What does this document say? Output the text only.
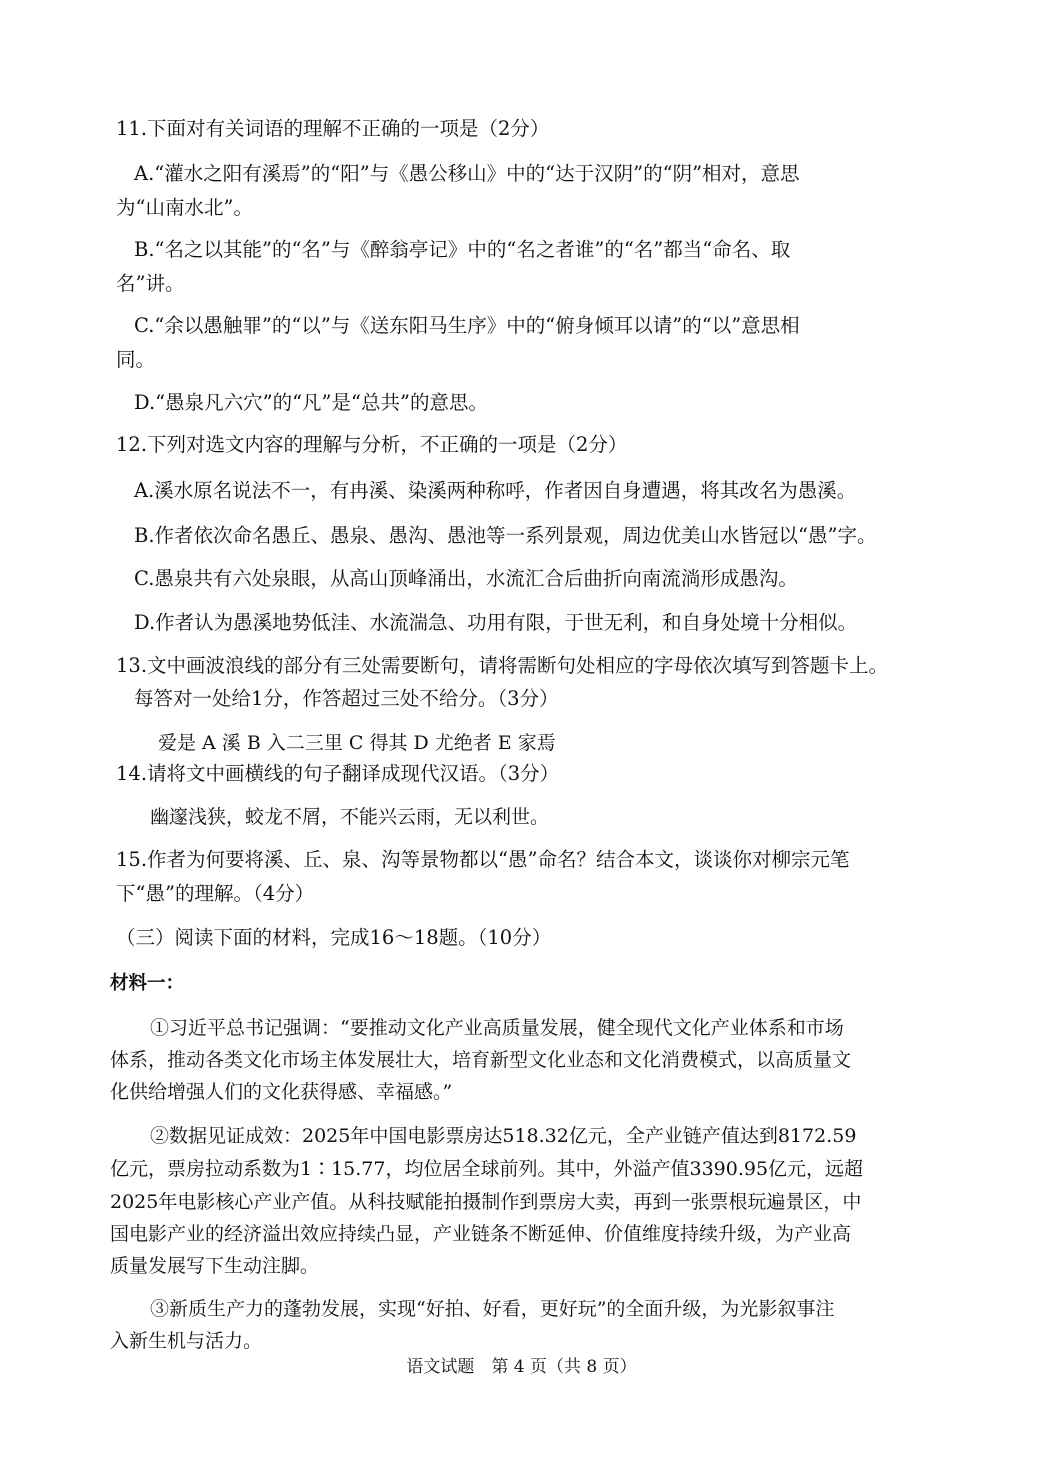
11.下面对有关词语的理解不正确的一项是（2分）
A.“灌水之阳有溪焉”的“阳”与《愚公移山》中的“达于汉阴”的“阴”相对，意思
为“山南水北”。
B.“名之以其能”的“名”与《醉翁亭记》中的“名之者谁”的“名”都当“命名、取
名”讲。
C.“余以愚触罪”的“以”与《送东阳马生序》中的“俯身倾耳以请”的“以”意思相
同。
D.“愚泉凡六穴”的“凡”是“总共”的意思。
12.下列对选文内容的理解与分析，不正确的一项是（2分）
A.溪水原名说法不一，有冉溪、染溪两种称呼，作者因自身遭遇，将其改名为愚溪。
B.作者依次命名愚丘、愚泉、愚沟、愚池等一系列景观，周边优美山水皆冠以“愚”字。
C.愚泉共有六处泉眼，从高山顶峰涌出，水流汇合后曲折向南流淌形成愚沟。
D.作者认为愚溪地势低洼、水流湍急、功用有限，于世无利，和自身处境十分相似。
13.文中画波浪线的部分有三处需要断句，请将需断句处相应的字母依次填写到答题卡上。
每答对一处给1分，作答超过三处不给分。（3分）
爱是 A 溪 B 入二三里 C 得其 D 尤绝者 E 家焉
14.请将文中画横线的句子翻译成现代汉语。（3分）
幽邃浅狭，蛟龙不屑，不能兴云雨，无以利世。
15.作者为何要将溪、丘、泉、沟等景物都以“愚”命名？结合本文，谈谈你对柳宗元笔
下“愚”的理解。（4分）
（三）阅读下面的材料，完成16～18题。（10分）
材料一：
①习近平总书记强调：“要推动文化产业高质量发展，健全现代文化产业体系和市场
体系，推动各类文化市场主体发展壮大，培育新型文化业态和文化消费模式，以高质量文
化供给增强人们的文化获得感、幸福感。”
②数据见证成效：2025年中国电影票房达518.32亿元，全产业链产值达到8172.59
亿元，票房拉动系数为1∶15.77，均位居全球前列。其中，外溢产值3390.95亿元，远超
2025年电影核心产业产值。从科技赋能拍摄制作到票房大卖，再到一张票根玩遍景区，中
国电影产业的经济溢出效应持续凸显，产业链条不断延伸、价值维度持续升级，为产业高
质量发展写下生动注脚。
③新质生产力的蓬勃发展，实现“好拍、好看，更好玩”的全面升级，为光影叙事注
入新生机与活力。
语文试题　第 4 页（共 8 页）
